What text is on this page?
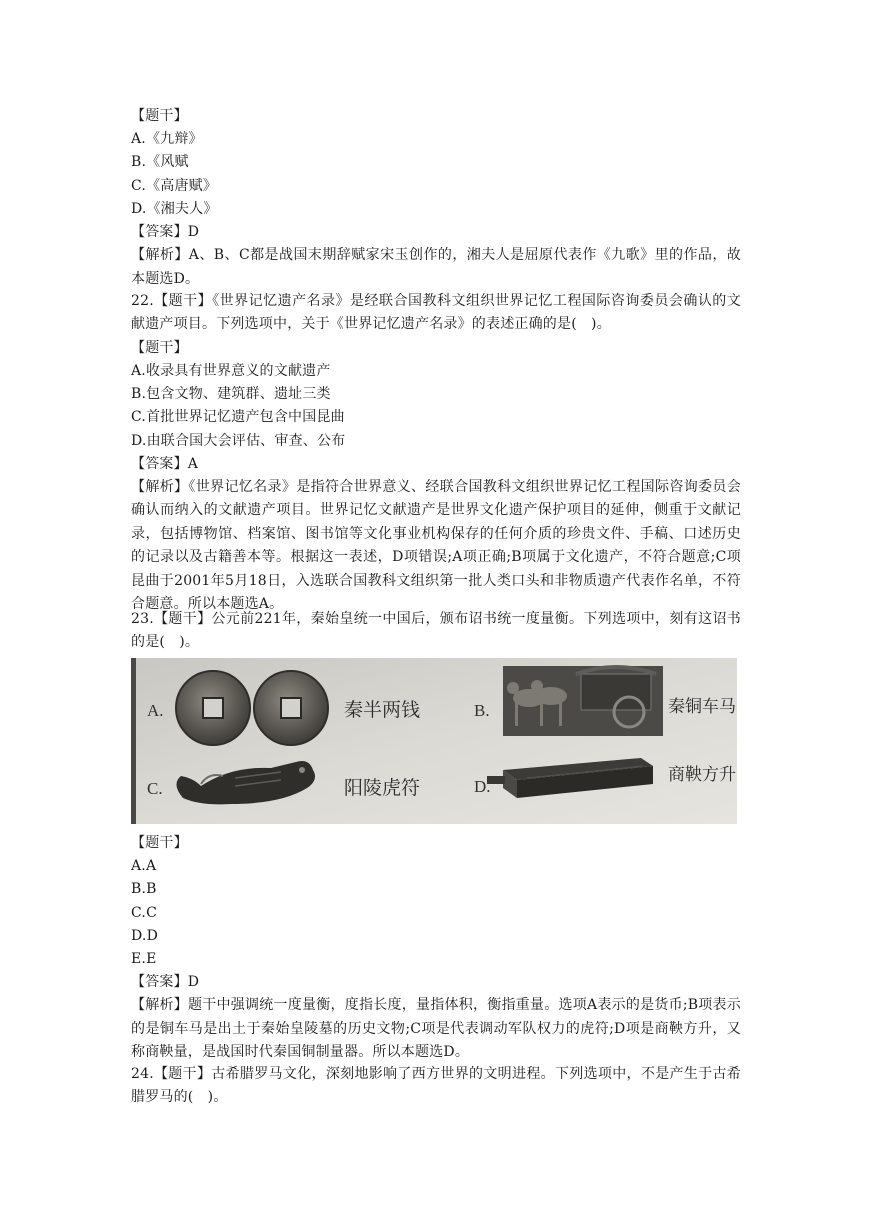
【题干】
A.《九辩》
B.《风赋
C.《高唐赋》
D.《湘夫人》
【答案】D
【解析】A、B、C都是战国末期辞赋家宋玉创作的，湘夫人是屈原代表作《九歌》里的作品，故本题选D。
22.【题干】《世界记忆遗产名录》是经联合国教科文组织世界记忆工程国际咨询委员会确认的文献遗产项目。下列选项中，关于《世界记忆遗产名录》的表述正确的是(　)。
【题干】
A.收录具有世界意义的文献遗产
B.包含文物、建筑群、遗址三类
C.首批世界记忆遗产包含中国昆曲
D.由联合国大会评估、审查、公布
【答案】A
【解析】《世界记忆名录》是指符合世界意义、经联合国教科文组织世界记忆工程国际咨询委员会确认而纳入的文献遗产项目。世界记忆文献遗产是世界文化遗产保护项目的延伸，侧重于文献记录，包括博物馆、档案馆、图书馆等文化事业机构保存的任何介质的珍贵文件、手稿、口述历史的记录以及古籍善本等。根据这一表述，D项错误;A项正确;B项属于文化遗产，不符合题意;C项昆曲于2001年5月18日，入选联合国教科文组织第一批人类口头和非物质遗产代表作名单，不符合题意。所以本题选A。
23.【题干】公元前221年，秦始皇统一中国后，颁布诏书统一度量衡。下列选项中，刻有这诏书的是(　)。
A.	秦半两钱	B.	秦铜车马
C.	阳陵虎符	D.
商鞅方升
【题干】
A.A
B.B
C.C
D.D
E.E
【答案】D
【解析】题干中强调统一度量衡，度指长度，量指体积，衡指重量。选项A表示的是货币;B项表示的是铜车马是出土于秦始皇陵墓的历史文物;C项是代表调动军队权力的虎符;D项是商鞅方升，又称商鞅量，是战国时代秦国铜制量器。所以本题选D。
24.【题干】古希腊罗马文化，深刻地影响了西方世界的文明进程。下列选项中，不是产生于古希腊罗马的(　)。
